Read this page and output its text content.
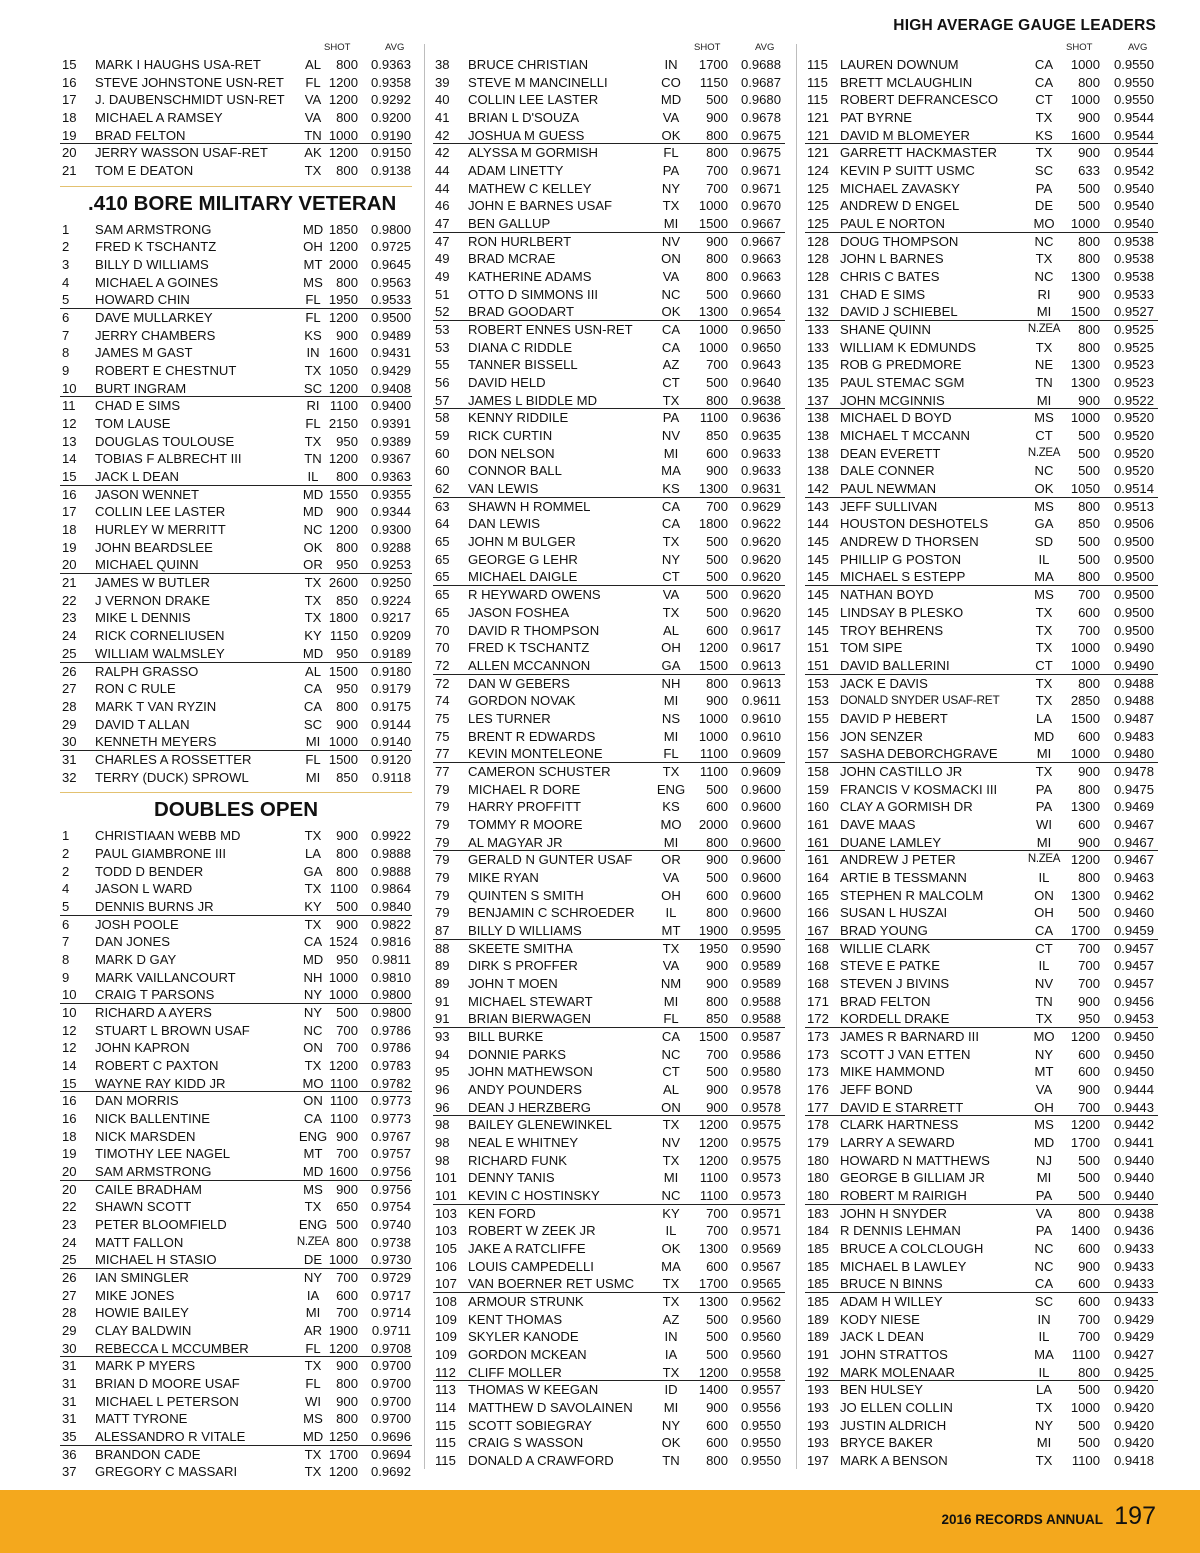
HIGH AVERAGE GAUGE LEADERS
SHOT	AVG
15 MARK I HAUGHS USA-RET	AL	800 0.9363
16 STEVE JOHNSTONE USN-RET	FL 1200 0.9358
17 J. DAUBENSCHMIDT USN-RET	VA 1200 0.9292
18 MICHAEL A RAMSEY	VA	800 0.9200
19 BRAD FELTON	TN 1000 0.9190
20 JERRY WASSON USAF-RET	AK 1200 0.9150
21 TOM E DEATON	TX	800 0.9138
.410 BORE MILITARY VETERAN
1 SAM ARMSTRONG	MD 1850 0.9800
2 FRED K TSCHANTZ	OH 1200 0.9725
3 BILLY D WILLIAMS	MT 2000 0.9645
4 MICHAEL A GOINES	MS	800 0.9563
5 HOWARD CHIN	FL 1950 0.9533
6 DAVE MULLARKEY	FL 1200 0.9500
7 JERRY CHAMBERS	KS	900 0.9489
8 JAMES M GAST	IN 1600 0.9431
9 ROBERT E CHESTNUT	TX 1050 0.9429
10 BURT INGRAM	SC 1200 0.9408
11 CHAD E SIMS	RI 1100 0.9400
12 TOM LAUSE	FL 2150 0.9391
13 DOUGLAS TOULOUSE	TX	950 0.9389
14 TOBIAS F ALBRECHT III	TN 1200 0.9367
15 JACK L DEAN	IL	800 0.9363
16 JASON WENNET	MD 1550 0.9355
17 COLLIN LEE LASTER	MD 900 0.9344
18 HURLEY W MERRITT	NC 1200 0.9300
19 JOHN BEARDSLEE	OK	800 0.9288
20 MICHAEL QUINN	OR	950 0.9253
21 JAMES W BUTLER	TX 2600 0.9250
22 J VERNON DRAKE	TX	850 0.9224
23 MIKE L DENNIS	TX 1800 0.9217
24 RICK CORNELIUSEN	KY 1150 0.9209
25 WILLIAM WALMSLEY	MD 950 0.9189
26 RALPH GRASSO	AL 1500 0.9180
27 RON C RULE	CA	950 0.9179
28 MARK T VAN RYZIN	CA	800 0.9175
29 DAVID T ALLAN	SC	900 0.9144
30 KENNETH MEYERS	MI 1000 0.9140
31 CHARLES A ROSSETTER	FL 1500 0.9120
32 TERRY (DUCK) SPROWL	MI	850	0.9118
DOUBLES OPEN
1 CHRISTIAAN WEBB MD	TX	900 0.9922
2 PAUL GIAMBRONE III	LA	800 0.9888
2 TODD D BENDER	GA	800 0.9888
4 JASON L WARD	TX 1100 0.9864
5 DENNIS BURNS JR	KY	500 0.9840
6 JOSH POOLE	TX	900 0.9822
7 DAN JONES	CA 1524 0.9816
8 MARK D GAY	MD 950	0.9811
9 MARK VAILLANCOURT	NH 1000 0.9810
10 CRAIG T PARSONS	NY 1000 0.9800
10 RICHARD A AYERS	NY	500 0.9800
12 STUART L BROWN USAF	NC	700 0.9786
12 JOHN KAPRON	ON	700 0.9786
14 ROBERT C PAXTON	TX 1200 0.9783
15 WAYNE RAY KIDD JR	MO 1100 0.9782
16 DAN MORRIS	ON 1100 0.9773
16 NICK BALLENTINE	CA 1100 0.9773
18 NICK MARSDEN	ENG 900 0.9767
19 TIMOTHY LEE NAGEL	MT	700 0.9757
20 SAM ARMSTRONG	MD 1600 0.9756
20 CAILE BRADHAM	MS	900 0.9756
22 SHAWN SCOTT	TX	650 0.9754
23 PETER BLOOMFIELD	ENG 500 0.9740
24 MATT FALLON	N.ZEA 800 0.9738
25 MICHAEL H STASIO	DE 1000 0.9730
26 IAN SMINGLER	NY	700 0.9729
27 MIKE JONES	IA	600 0.9717
28 HOWIE BAILEY	MI	700 0.9714
29 CLAY BALDWIN	AR 1900	0.9711
30 REBECCA L MCCUMBER	FL 1200 0.9708
31 MARK P MYERS	TX	900 0.9700
31 BRIAN D MOORE USAF	FL	800 0.9700
31 MICHAEL L PETERSON	WI	900 0.9700
31 MATT TYRONE	MS	800 0.9700
35 ALESSANDRO R VITALE	MD 1250 0.9696
36 BRANDON CADE	TX 1700 0.9694
37 GREGORY C MASSARI	TX 1200 0.9692
SHOT	AVG
38 BRUCE CHRISTIAN	IN	1700 0.9688
39 STEVE M MANCINELLI	CO	1150 0.9687
40 COLLIN LEE LASTER	MD	500 0.9680
41 BRIAN L D'SOUZA	VA	900 0.9678
42 JOSHUA M GUESS	OK	800 0.9675
42 ALYSSA M GORMISH	FL	800 0.9675
44 ADAM LINETTY	PA	700 0.9671
44 MATHEW C KELLEY	NY	700 0.9671
46 JOHN E BARNES USAF	TX	1000 0.9670
47 BEN GALLUP	MI	1500 0.9667
47 RON HURLBERT	NV	900 0.9667
49 BRAD MCRAE	ON	800 0.9663
49 KATHERINE ADAMS	VA	800 0.9663
51 OTTO D SIMMONS III	NC	500 0.9660
52 BRAD GOODART	OK	1300 0.9654
53 ROBERT ENNES USN-RET	CA	1000 0.9650
53 DIANA C RIDDLE	CA	1000 0.9650
55 TANNER BISSELL	AZ	700 0.9643
56 DAVID HELD	CT	500 0.9640
57 JAMES L BIDDLE MD	TX	800 0.9638
58 KENNY RIDDILE	PA	1100 0.9636
59 RICK CURTIN	NV	850 0.9635
60 DON NELSON	MI	600 0.9633
60 CONNOR BALL	MA	900 0.9633
62 VAN LEWIS	KS	1300 0.9631
63 SHAWN H ROMMEL	CA	700 0.9629
64 DAN LEWIS	CA	1800 0.9622
65 JOHN M BULGER	TX	500 0.9620
65 GEORGE G LEHR	NY	500 0.9620
65 MICHAEL DAIGLE	CT	500 0.9620
65 R HEYWARD OWENS	VA	500 0.9620
65 JASON FOSHEA	TX	500 0.9620
70 DAVID R THOMPSON	AL	600 0.9617
70 FRED K TSCHANTZ	OH	1200 0.9617
72 ALLEN MCCANNON	GA	1500 0.9613
72 DAN W GEBERS	NH	800 0.9613
74 GORDON NOVAK	MI	900	0.9611
75 LES TURNER	NS	1000 0.9610
75 BRENT R EDWARDS	MI	1000 0.9610
77 KEVIN MONTELEONE	FL	1100 0.9609
77 CAMERON SCHUSTER	TX	1100 0.9609
79 MICHAEL R DORE	ENG	500 0.9600
79 HARRY PROFFITT	KS	600 0.9600
79 TOMMY R MOORE	MO	2000 0.9600
79 AL MAGYAR JR	MI	800 0.9600
79 GERALD N GUNTER USAF	OR	900 0.9600
79 MIKE RYAN	VA	500 0.9600
79 QUINTEN S SMITH	OH	600 0.9600
79 BENJAMIN C SCHROEDER	IL	800 0.9600
87 BILLY D WILLIAMS	MT	1900 0.9595
88 SKEETE SMITHA	TX	1950 0.9590
89 DIRK S PROFFER	VA	900 0.9589
89 JOHN T MOEN	NM	900 0.9589
91 MICHAEL STEWART	MI	800 0.9588
91 BRIAN BIERWAGEN	FL	850 0.9588
93 BILL BURKE	CA	1500 0.9587
94 DONNIE PARKS	NC	700 0.9586
95 JOHN MATHEWSON	CT	500 0.9580
96 ANDY POUNDERS	AL	900 0.9578
96 DEAN J HERZBERG	ON	900 0.9578
98 BAILEY GLENEWINKEL	TX	1200 0.9575
98 NEAL E WHITNEY	NV	1200 0.9575
98 RICHARD FUNK	TX	1200 0.9575
101 DENNY TANIS	MI	1100 0.9573
101 KEVIN C HOSTINSKY	NC	1100 0.9573
103 KEN FORD	KY	700 0.9571
103 ROBERT W ZEEK JR	IL	700 0.9571
105 JAKE A RATCLIFFE	OK	1300 0.9569
106 LOUIS CAMPEDELLI	MA	600 0.9567
107 VAN BOERNER RET USMC	TX	1700 0.9565
108 ARMOUR STRUNK	TX	1300 0.9562
109 KENT THOMAS	AZ	500 0.9560
109 SKYLER KANODE	IN	500 0.9560
109 GORDON MCKEAN	IA	500 0.9560
112 CLIFF MOLLER	TX	1200 0.9558
113 THOMAS W KEEGAN	ID	1400 0.9557
114 MATTHEW D SAVOLAINEN	MI	900 0.9556
115 SCOTT SOBIEGRAY	NY	600 0.9550
115 CRAIG S WASSON	OK	600 0.9550
115 DONALD A CRAWFORD	TN	800 0.9550
SHOT	AVG
115 LAUREN DOWNUM	CA	1000	0.9550
115 BRETT MCLAUGHLIN	CA	800	0.9550
115 ROBERT DEFRANCESCO	CT	1000	0.9550
121 PAT BYRNE	TX	900	0.9544
121 DAVID M BLOMEYER	KS	1600	0.9544
121 GARRETT HACKMASTER	TX	900	0.9544
124 KEVIN P SUITT USMC	SC	633	0.9542
125 MICHAEL ZAVASKY	PA	500	0.9540
125 ANDREW D ENGEL	DE	500	0.9540
125 PAUL E NORTON	MO	1000	0.9540
128 DOUG THOMPSON	NC	800	0.9538
128 JOHN L BARNES	TX	800	0.9538
128 CHRIS C BATES	NC	1300	0.9538
131 CHAD E SIMS	RI	900	0.9533
132 DAVID J SCHIEBEL	MI	1500	0.9527
133 SHANE QUINN	N.ZEA	800	0.9525
133 WILLIAM K EDMUNDS	TX	800	0.9525
135 ROB G PREDMORE	NE	1300	0.9523
135 PAUL STEMAC SGM	TN	1300	0.9523
137 JOHN MCGINNIS	MI	900	0.9522
138 MICHAEL D BOYD	MS	1000	0.9520
138 MICHAEL T MCCANN	CT	500	0.9520
138 DEAN EVERETT	N.ZEA	500	0.9520
138 DALE CONNER	NC	500	0.9520
142 PAUL NEWMAN	OK	1050	0.9514
143 JEFF SULLIVAN	MS	800	0.9513
144 HOUSTON DESHOTELS	GA	850	0.9506
145 ANDREW D THORSEN	SD	500	0.9500
145 PHILLIP G POSTON	IL	500	0.9500
145 MICHAEL S ESTEPP	MA	800	0.9500
145 NATHAN BOYD	MS	700	0.9500
145 LINDSAY B PLESKO	TX	600	0.9500
145 TROY BEHRENS	TX	700	0.9500
151 TOM SIPE	TX	1000	0.9490
151 DAVID BALLERINI	CT	1000	0.9490
153 JACK E DAVIS	TX	800	0.9488
153 DONALD SNYDER USAF-RET	TX	2850	0.9488
155 DAVID P HEBERT	LA	1500	0.9487
156 JON SENZER	MD	600	0.9483
157 SASHA DEBORCHGRAVE	MI	1000	0.9480
158 JOHN CASTILLO JR	TX	900	0.9478
159 FRANCIS V KOSMACKI III	PA	800	0.9475
160 CLAY A GORMISH DR	PA	1300	0.9469
161 DAVE MAAS	WI	600	0.9467
161 DUANE LAMLEY	MI	900	0.9467
161 ANDREW J PETER	N.ZEA 1200	0.9467
164 ARTIE B TESSMANN	IL	800	0.9463
165 STEPHEN R MALCOLM	ON	1300	0.9462
166 SUSAN L HUSZAI	OH	500	0.9460
167 BRAD YOUNG	CA	1700	0.9459
168 WILLIE CLARK	CT	700	0.9457
168 STEVE E PATKE	IL	700	0.9457
168 STEVEN J BIVINS	NV	700	0.9457
171 BRAD FELTON	TN	900	0.9456
172 KORDELL DRAKE	TX	950	0.9453
173 JAMES R BARNARD III	MO	1200	0.9450
173 SCOTT J VAN ETTEN	NY	600	0.9450
173 MIKE HAMMOND	MT	600	0.9450
176 JEFF BOND	VA	900	0.9444
177 DAVID E STARRETT	OH	700	0.9443
178 CLARK HARTNESS	MS	1200	0.9442
179 LARRY A SEWARD	MD	1700	0.9441
180 HOWARD N MATTHEWS	NJ	500	0.9440
180 GEORGE B GILLIAM JR	MI	500	0.9440
180 ROBERT M RAIRIGH	PA	500	0.9440
183 JOHN H SNYDER	VA	800	0.9438
184 R DENNIS LEHMAN	PA	1400	0.9436
185 BRUCE A COLCLOUGH	NC	600	0.9433
185 MICHAEL B LAWLEY	NC	900	0.9433
185 BRUCE N BINNS	CA	600	0.9433
185 ADAM H WILLEY	SC	600	0.9433
189 KODY NIESE	IN	700	0.9429
189 JACK L DEAN	IL	700	0.9429
191 JOHN STRATTOS	MA	1100	0.9427
192 MARK MOLENAAR	IL	800	0.9425
193 BEN HULSEY	LA	500	0.9420
193 JO ELLEN COLLIN	TX	1000	0.9420
193 JUSTIN ALDRICH	NY	500	0.9420
193 BRYCE BAKER	MI	500	0.9420
197 MARK A BENSON	TX	1100	0.9418
2016 RECORDS ANNUAL 197
